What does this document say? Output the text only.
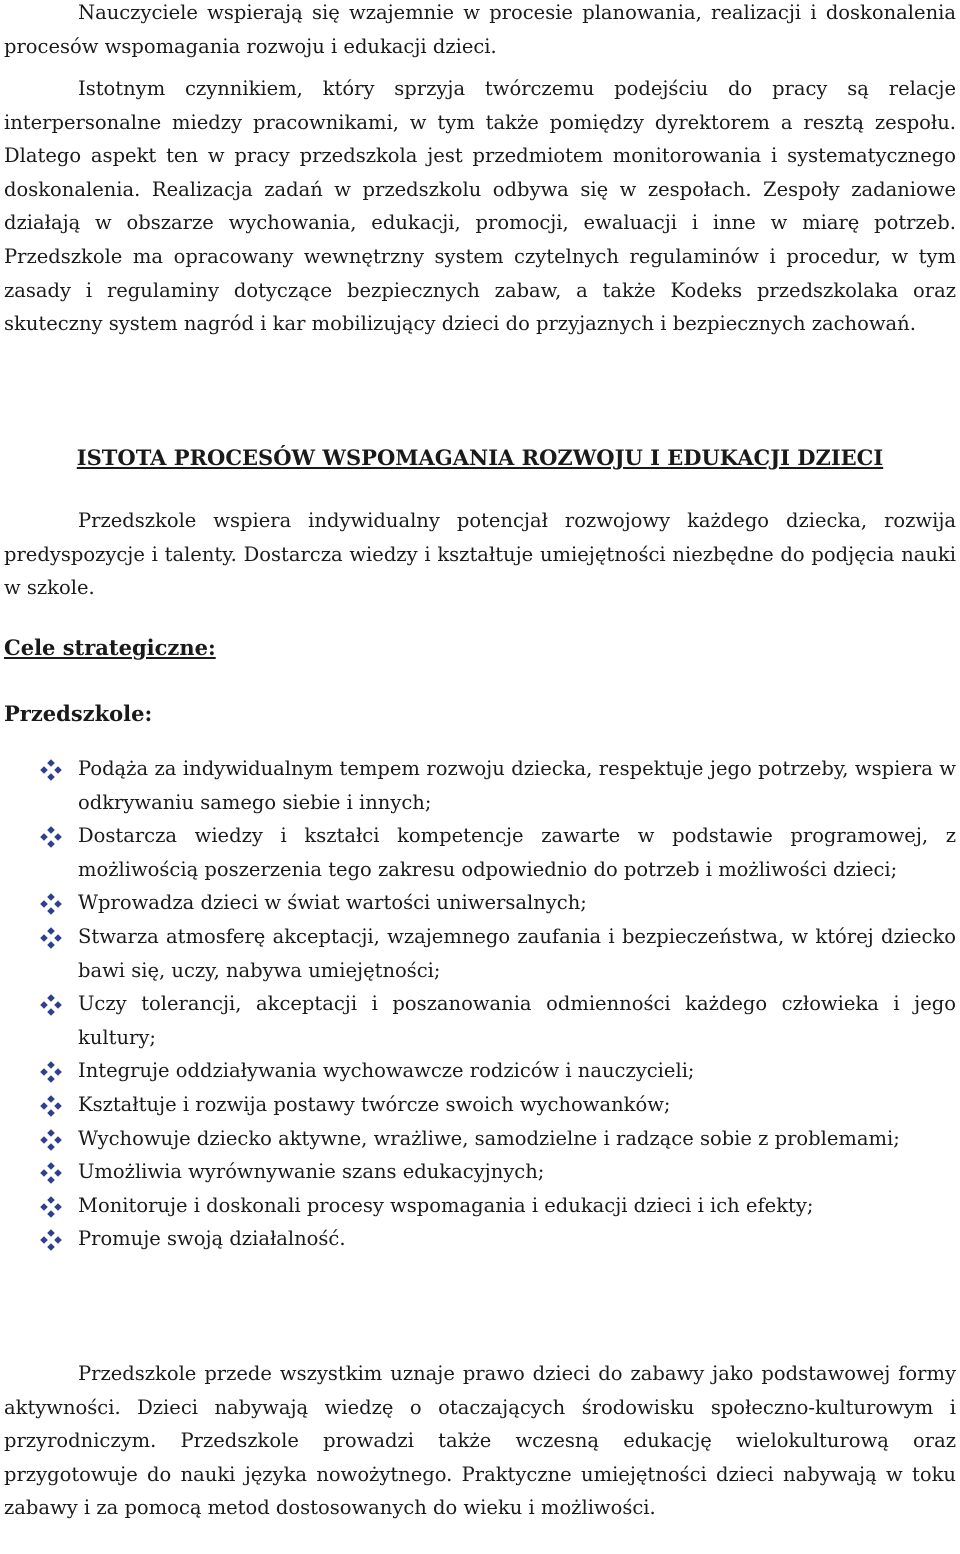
Nauczyciele wspierają się wzajemnie w procesie planowania, realizacji i doskonalenia procesów wspomagania rozwoju i edukacji dzieci.

Istotnym czynnikiem, który sprzyja twórczemu podejściu do pracy są relacje interpersonalne miedzy pracownikami, w tym także pomiędzy dyrektorem a resztą zespołu. Dlatego aspekt ten w pracy przedszkola jest przedmiotem monitorowania i systematycznego doskonalenia. Realizacja zadań w przedszkolu odbywa się w zespołach. Zespoły zadaniowe działają w obszarze wychowania, edukacji, promocji, ewaluacji i inne w miarę potrzeb. Przedszkole ma opracowany wewnętrzny system czytelnych regulaminów i procedur, w tym zasady i regulaminy dotyczące bezpiecznych zabaw, a także Kodeks przedszkolaka oraz skuteczny system nagród i kar mobilizujący dzieci do przyjaznych i bezpiecznych zachowań.

ISTOTA PROCESÓW WSPOMAGANIA ROZWOJU I EDUKACJI DZIECI

Przedszkole wspiera indywidualny potencjał rozwojowy każdego dziecka, rozwija predyspozycje i talenty. Dostarcza wiedzy i kształtuje umiejętności niezbędne do podjęcia nauki w szkole.

Cele strategiczne:
Przedszkole:
Podąża za indywidualnym tempem rozwoju dziecka, respektuje jego potrzeby, wspiera w odkrywaniu samego siebie i innych;
Dostarcza wiedzy i kształci kompetencje zawarte w podstawie programowej, z możliwością poszerzenia tego zakresu odpowiednio do potrzeb i możliwości dzieci;
Wprowadza dzieci w świat wartości uniwersalnych;
Stwarza atmosferę akceptacji, wzajemnego zaufania i bezpieczeństwa, w której dziecko bawi się, uczy, nabywa umiejętności;
Uczy tolerancji, akceptacji i poszanowania odmienności każdego człowieka i jego kultury;
Integruje oddziaływania wychowawcze rodziców i nauczycieli;
Kształtuje i rozwija postawy twórcze swoich wychowanków;
Wychowuje dziecko aktywne, wrażliwe, samodzielne i radzące sobie z problemami;
Umożliwia wyrównywanie szans edukacyjnych;
Monitoruje i doskonali procesy wspomagania i edukacji dzieci i ich efekty;
Promuje swoją działalność.

Przedszkole przede wszystkim uznaje prawo dzieci do zabawy jako podstawowej formy aktywności. Dzieci nabywają wiedzę o otaczających środowisku społeczno-kulturowym i przyrodniczym. Przedszkole prowadzi także wczesną edukację wielokulturową oraz przygotowuje do nauki języka nowożytnego. Praktyczne umiejętności dzieci nabywają w toku zabawy i za pomocą metod dostosowanych do wieku i możliwości.
